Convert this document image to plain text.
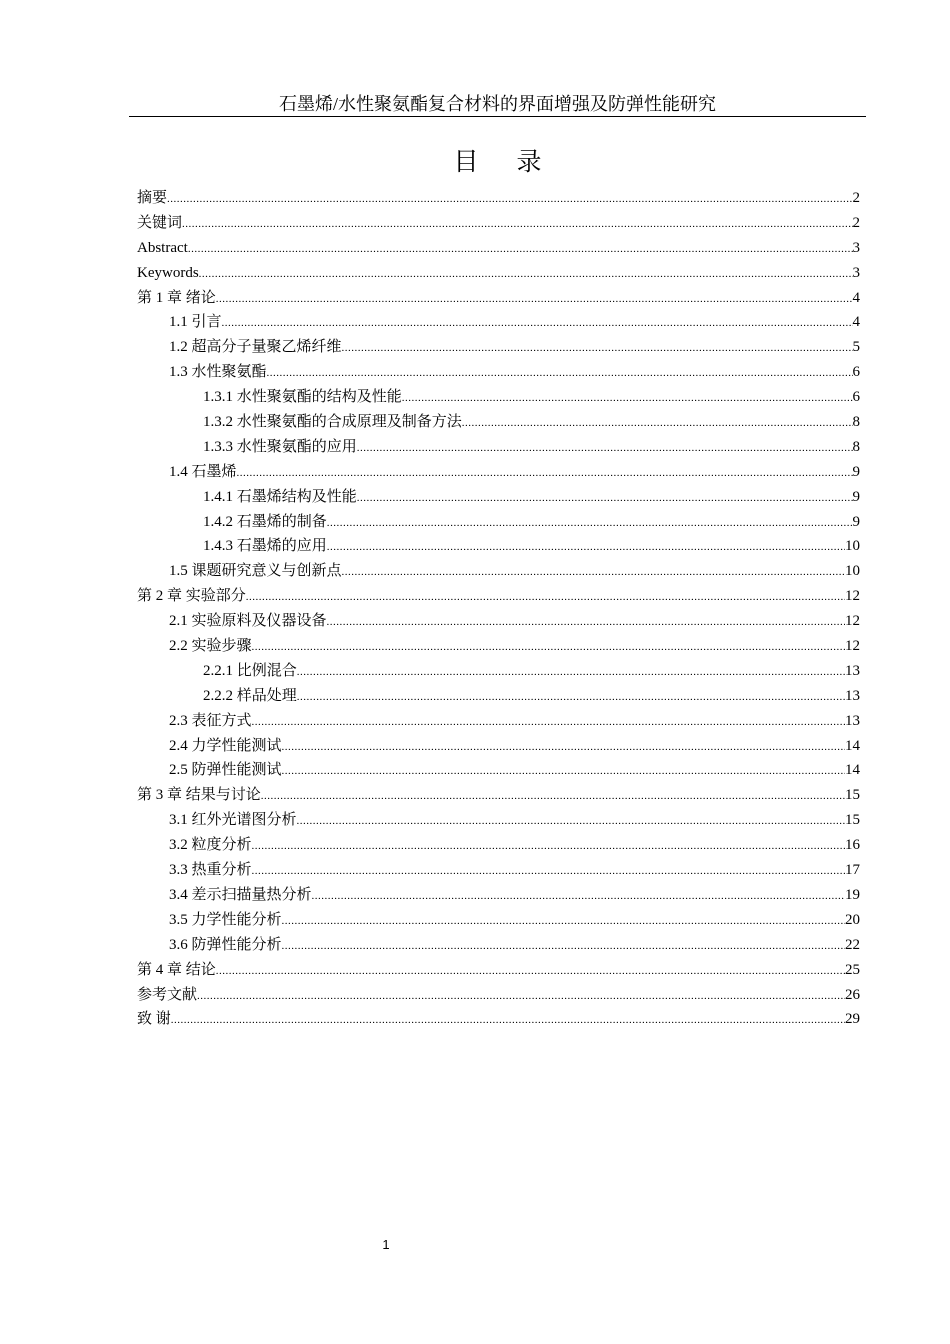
石墨烯/水性聚氨酯复合材料的界面增强及防弹性能研究
目录
摘要 .....	2
关键词 .....	2
Abstract .....	3
Keywords .....	3
第 1 章 绪论 .....	4
1.1 引言 .....	4
1.2 超高分子量聚乙烯纤维 .....	5
1.3 水性聚氨酯 .....	6
1.3.1 水性聚氨酯的结构及性能 .....	6
1.3.2 水性聚氨酯的合成原理及制备方法 .....	8
1.3.3 水性聚氨酯的应用 .....	8
1.4 石墨烯 .....	9
1.4.1 石墨烯结构及性能 .....	9
1.4.2 石墨烯的制备 .....	9
1.4.3 石墨烯的应用 .....	10
1.5 课题研究意义与创新点 .....	10
第 2 章 实验部分 .....	12
2.1 实验原料及仪器设备 .....	12
2.2 实验步骤 .....	12
2.2.1 比例混合 .....	13
2.2.2 样品处理 .....	13
2.3 表征方式 .....	13
2.4 力学性能测试 .....	14
2.5 防弹性能测试 .....	14
第 3 章 结果与讨论 .....	15
3.1 红外光谱图分析 .....	15
3.2 粒度分析 .....	16
3.3 热重分析 .....	17
3.4 差示扫描量热分析 .....	19
3.5 力学性能分析 .....	20
3.6 防弹性能分析 .....	22
第 4 章 结论 .....	25
参考文献 .....	26
致 谢 .....	29
1
